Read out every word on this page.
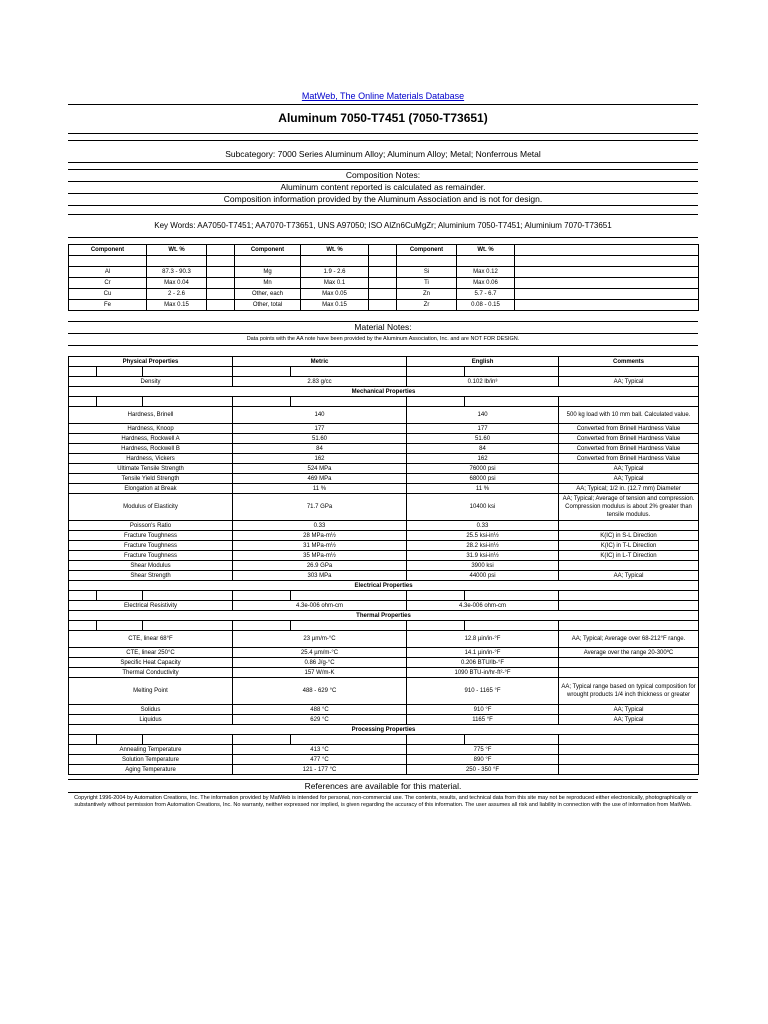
MatWeb, The Online Materials Database
Aluminum 7050-T7451 (7050-T73651)
Subcategory: 7000 Series Aluminum Alloy; Aluminum Alloy; Metal; Nonferrous Metal
Composition Notes:
Aluminum content reported is calculated as remainder.
Composition information provided by the Aluminum Association and is not for design.
Key Words: AA7050-T7451; AA7070-T73651, UNS A97050; ISO AlZn6CuMgZr; Aluminium 7050-T7451; Aluminium 7070-T73651
Component	Wt. %		Component	Wt. %		Component	Wt. %	

Al	87.3 - 90.3		Mg	1.9 - 2.6		Si	Max 0.12	
Cr	Max 0.04		Mn	Max 0.1		Ti	Max 0.06	
Cu	2 - 2.6		Other, each	Max 0.05		Zn	5.7 - 6.7	
Fe	Max 0.15		Other, total	Max 0.15		Zr	0.08 - 0.15	
Material Notes:
Data points with the AA note have been provided by the Aluminum Association, Inc. and are NOT FOR DESIGN.
Physical Properties			Metric		English		Comments

Density			2.83 g/cc		0.102 lb/in³		AA; Typical
Mechanical Properties							

Hardness, Brinell			140		140		500 kg load with 10 mm ball. Calculated value.
Hardness, Knoop			177		177		Converted from Brinell Hardness Value
Hardness, Rockwell A			51.60		51.60		Converted from Brinell Hardness Value
Hardness, Rockwell B			84		84		Converted from Brinell Hardness Value
Hardness, Vickers			162		162		Converted from Brinell Hardness Value
Ultimate Tensile Strength			524 MPa		76000 psi		AA; Typical
Tensile Yield Strength			469 MPa		68000 psi		AA; Typical
Elongation at Break			11 %		11 %		AA; Typical; 1/2 in. (12.7 mm) Diameter
Modulus of Elasticity			71.7 GPa		10400 ksi		AA; Typical; Average of tension and compression. Compression modulus is about 2% greater than tensile modulus.
Poisson's Ratio			0.33		0.33		
Fracture Toughness			28 MPa-m½		25.5 ksi-in½		K(IC) in S-L Direction
Fracture Toughness			31 MPa-m½		28.2 ksi-in½		K(IC) in T-L Direction
Fracture Toughness			35 MPa-m½		31.9 ksi-in½		K(IC) in L-T Direction
Shear Modulus			26.9 GPa		3900 ksi		
Shear Strength			303 MPa		44000 psi		AA; Typical
Electrical Properties							

Electrical Resistivity			4.3e-006 ohm-cm		4.3e-006 ohm-cm		
Thermal Properties							

CTE, linear 68°F			23 µm/m-°C		12.8 µin/in-°F		AA; Typical; Average over 68-212°F range.
CTE, linear 250°C			25.4 µm/m-°C		14.1 µin/in-°F		Average over the range 20-300ºC
Specific Heat Capacity			0.86 J/g-°C		0.206 BTU/lb-°F		
Thermal Conductivity			157 W/m-K		1090 BTU-in/hr-ft²-°F		
Melting Point			488 - 629 °C		910 - 1165 °F		AA; Typical range based on typical composition for wrought products 1/4 inch thickness or greater
Solidus			488 °C		910 °F		AA; Typical
Liquidus			629 °C		1165 °F		AA; Typical
Processing Properties							

Annealing Temperature			413 °C		775 °F		
Solution Temperature			477 °C		890 °F		
Aging Temperature			121 - 177 °C		250 - 350 °F		
References are available for this material.
Copyright 1996-2004 by Automation Creations, Inc. The information provided by MatWeb is intended for personal, non-commercial use. The contents, results, and technical data from this site may not be reproduced either electronically, photographically or substantively without permission from Automation Creations, Inc. No warranty, neither expressed nor implied, is given regarding the accuracy of this information. The user assumes all risk and liability in connection with the use of information from MatWeb.
